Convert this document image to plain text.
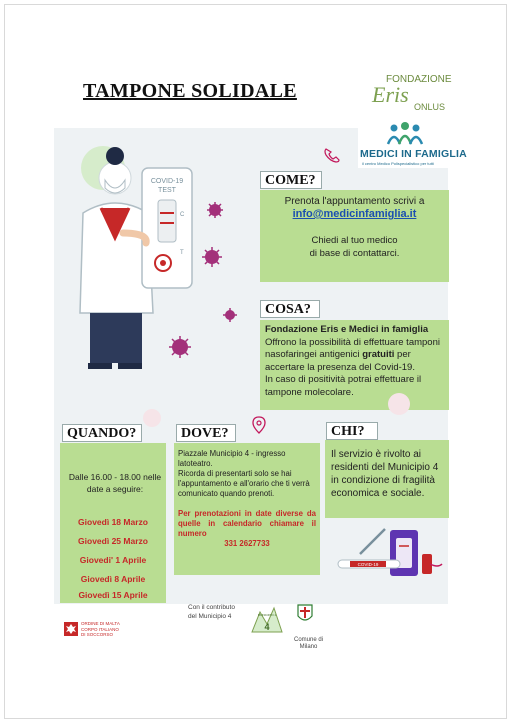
TAMPONE SOLIDALE
FONDAZIONE
Eris ONLUS
MEDICI IN FAMIGLIA
il centro Medico Polispecialistico per tutti
COVID-19
TEST
C
T
COME?
Prenota l'appuntamento scrivi a
info@medicinfamiglia.it
Chiedi al tuo medico
di base di contattarci.
COSA?
Fondazione Eris e Medici in famiglia
Offrono la possibilità di effettuare tamponi nasofaringei antigenici gratuiti per accertare la presenza del Covid-19.
In caso di positività potrai effettuare il tampone molecolare.
QUANDO?
Dalle 16.00 - 18.00 nelle date a seguire:
Giovedì 18 Marzo
Giovedì 25 Marzo
Giovedi' 1 Aprile
Giovedì 8 Aprile
Giovedì 15 Aprile
DOVE?
Piazzale Municipio 4 - ingresso latoteatro.
Ricorda di presentarti solo se hai l'appuntamento e all'orario che ti verrà comunicato quando prenoti.
Per prenotazioni in date diverse da quelle in calendario chiamare il numero
331 2627733
CHI?
Il servizio è rivolto ai residenti del Municipio 4 in condizione di fragilità economica e sociale.
COVID-19
ORDINE DI MALTA
CORPO ITALIANO
DI SOCCORSO
Con il contributo
del Municipio 4
4
MUNICIPIO 4
Comune di
Milano
